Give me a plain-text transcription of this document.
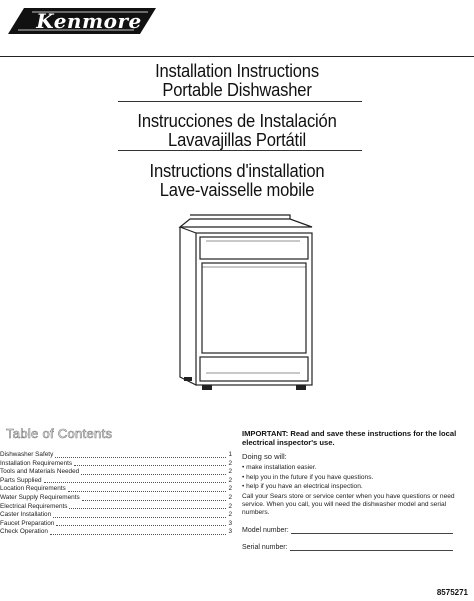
Kenmore
Installation Instructions
Portable Dishwasher
Instrucciones de Instalación
Lavavajillas Portátil
Instructions d'installation
Lave-vaisselle mobile
Table of Contents
Dishwasher Safety	1
Installation Requirements	2
Tools and Materials Needed	2
Parts Supplied	2
Location Requirements	2
Water Supply Requirements	2
Electrical Requirements	2
Caster Installation	2
Faucet Preparation	3
Check Operation	3
IMPORTANT: Read and save these instructions for the local electrical inspector's use.
Doing so will:
• make installation easier.
• help you in the future if you have questions.
• help if you have an electrical inspection.
Call your Sears store or service center when you have questions or need service. When you call, you will need the dishwasher model and serial numbers.
Model number:
Serial number:
8575271
